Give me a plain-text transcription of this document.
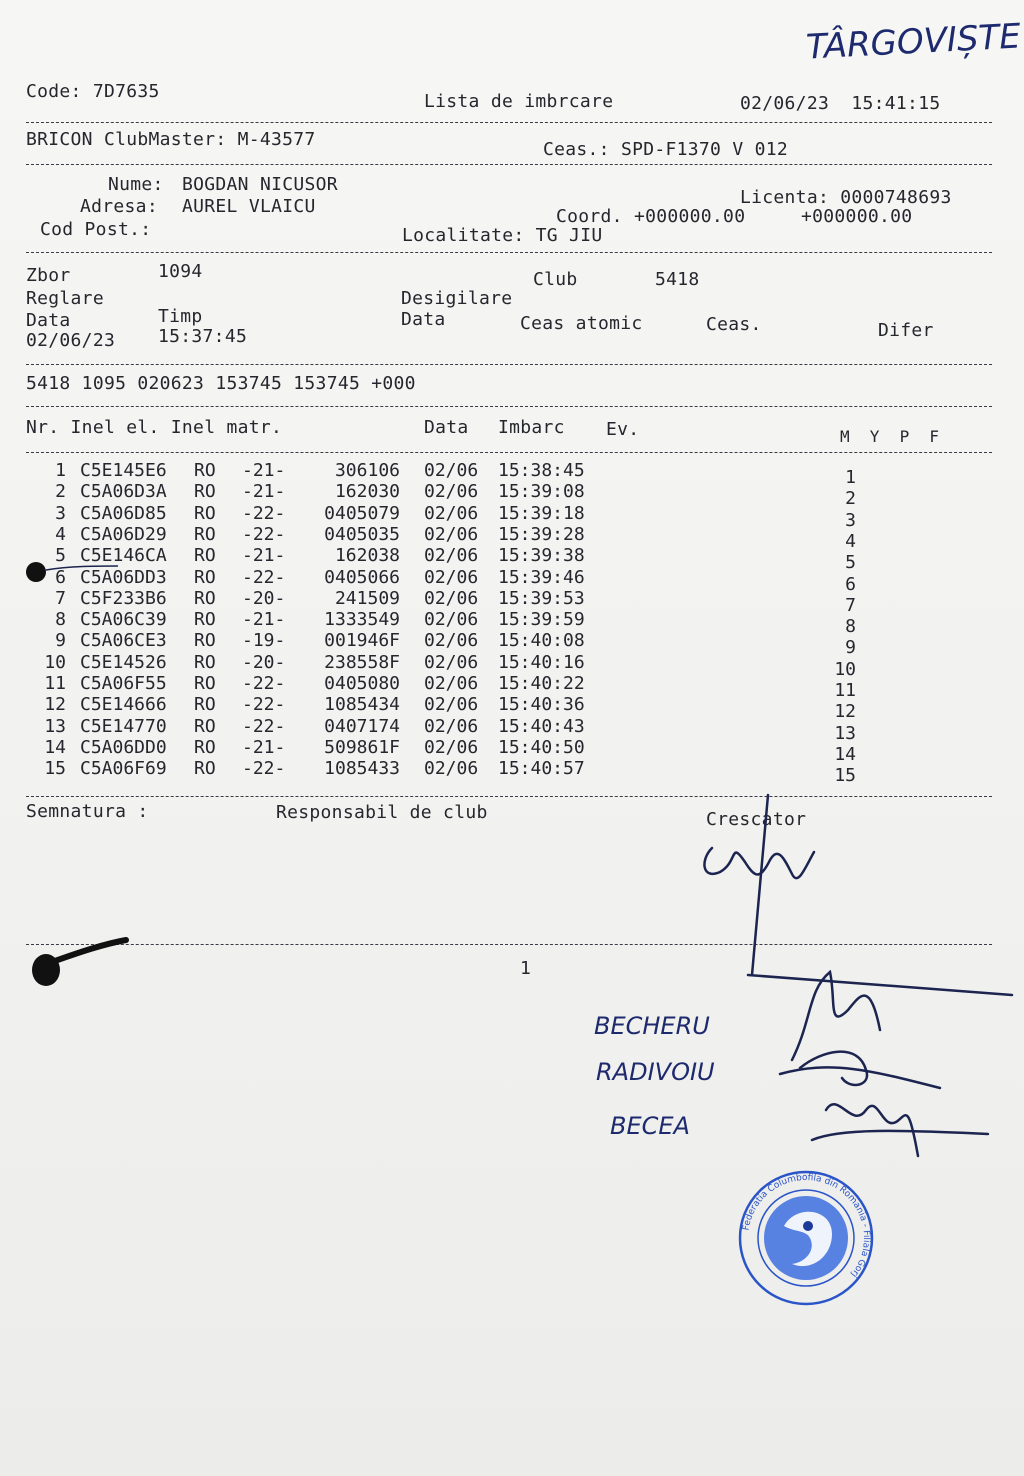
TÂRGOVIȘTE
Code: 7D7635	Lista de imbrcare	02/06/23  15:41:15
BRICON ClubMaster: M-43577	Ceas.: SPD-F1370 V 012
Nume: BOGDAN NICUSOR
Adresa: AUREL VLAICU
Cod Post.:
Licenta: 0000748693
Coord. +000000.00     +000000.00
Localitate: TG JIU
Zbor	1094	Club	5418
Reglare	Desigilare
Data	Timp	Data	Ceas atomic	Ceas.	Difer
02/06/23 15:37:45
5418 1095 020623 153745 153745 +000
Nr. Inel el. Inel matr.	Data Imbarc Ev.	M  Y  P  F
1 C5E145E6	RO	-21-	306106 02/06	15:38:45	1
2 C5A06D3A	RO	-21-	162030 02/06	15:39:08	2
3 C5A06D85	RO	-22-	0405079 02/06	15:39:18	3
4 C5A06D29	RO	-22-	0405035 02/06	15:39:28	4
5 C5E146CA	RO	-21-	162038 02/06	15:39:38	5
6 C5A06DD3	RO	-22-	0405066 02/06	15:39:46	6
7 C5F233B6	RO	-20-	241509 02/06	15:39:53	7
8 C5A06C39	RO	-21-	1333549 02/06	15:39:59	8
9 C5A06CE3	RO	-19-	001946F 02/06	15:40:08	9
10 C5E14526	RO	-20-	238558F 02/06	15:40:16	10
11 C5A06F55	RO	-22-	0405080 02/06	15:40:22	11
12 C5E14666	RO	-22-	1085434 02/06	15:40:36	12
13 C5E14770	RO	-22-	0407174 02/06	15:40:43	13
14 C5A06DD0	RO	-21-	509861F 02/06	15:40:50	14
15 C5A06F69	RO	-22-	1085433 02/06	15:40:57	15
Semnatura :	Responsabil de club	Crescator
1
BECHERU
RADIVOIU
BECEA
Federatia Columbofila din Romania - Filiala Gorj
